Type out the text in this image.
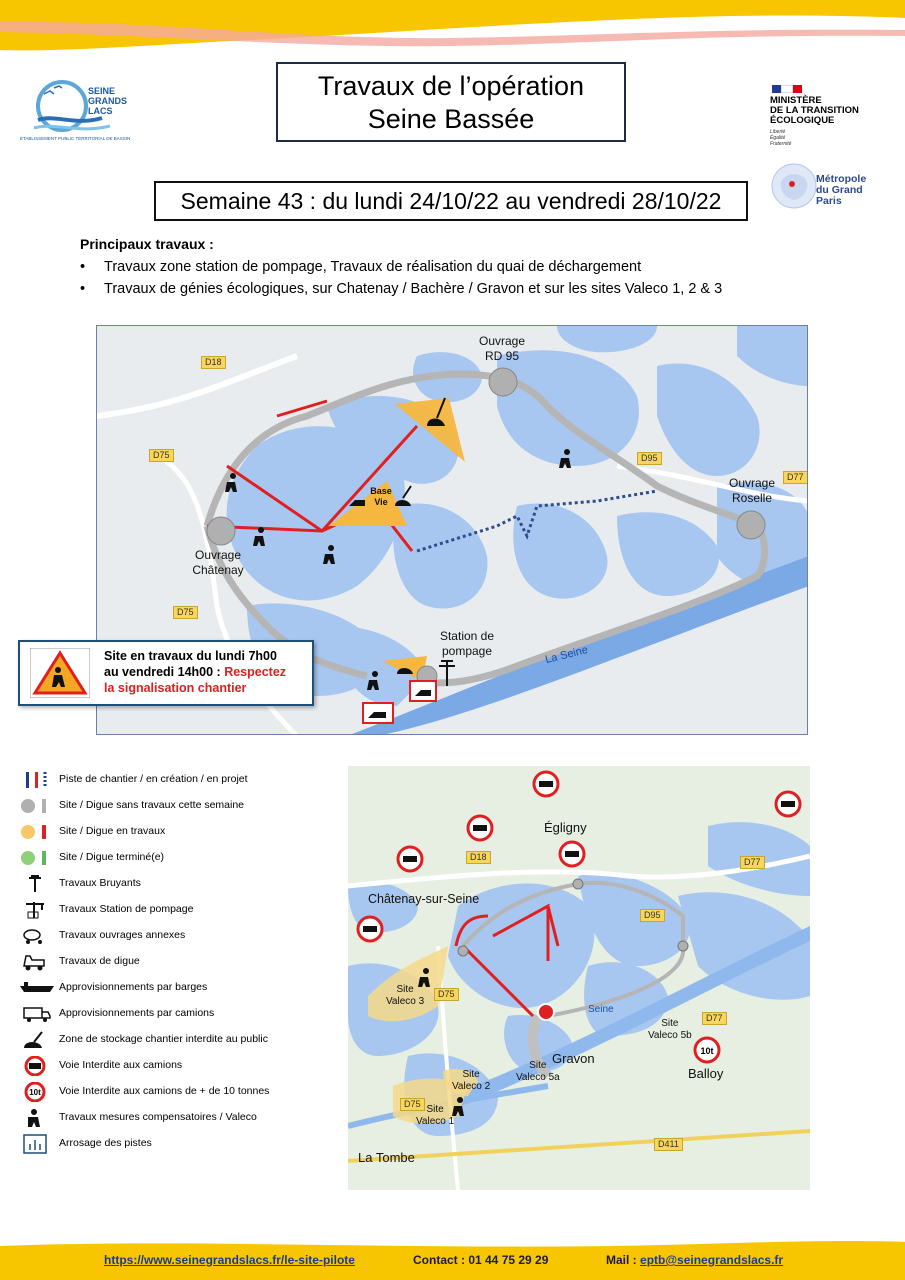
SEINE
GRANDS
LACS
ÉTABLISSEMENT PUBLIC TERRITORIAL DE BASSIN
Travaux de l’opération
Seine Bassée
MINISTÈRE
DE LA TRANSITION
ÉCOLOGIQUE
Liberté
Égalité
Fraternité
Métropole
du Grand Paris
Semaine 43 : du lundi 24/10/22 au vendredi 28/10/22
Principaux travaux :
• Travaux zone station de pompage, Travaux de réalisation du quai de déchargement
• Travaux de génies écologiques, sur Chatenay / Bachère / Gravon et sur les sites Valeco 1, 2 & 3
D18
D75
D75
D95
D77
Ouvrage
RD 95
Ouvrage
Roselle
Ouvrage
Châtenay
Station de
pompage
Base
Vie
La Seine
Site en travaux du lundi 7h00
au vendredi 14h00 : Respectez
la signalisation chantier
Piste de chantier / en création / en projet
Site / Digue sans travaux cette semaine
Site / Digue en travaux
Site / Digue terminé(e)
Travaux Bruyants
Travaux Station de pompage
Travaux ouvrages annexes
Travaux de digue
Approvisionnements par barges
Approvisionnements par camions
Zone de stockage chantier interdite au public
Voie Interdite aux camions
10t Voie Interdite aux camions de + de 10 tonnes
Travaux mesures compensatoires / Valeco
Arrosage des pistes
10t
Égligny
Châtenay-sur-Seine
Seine
Gravon
Balloy
La Tombe
D18	D77
D95
D75
D77
D75
D411
Site
Valeco 3
Site
Valeco 2
Site
Valeco 1
Site
Valeco 5a
Site
Valeco 5b
https://www.seinegrandslacs.fr/le-site-pilote	Contact : 01 44 75 29 29	Mail : eptb@seinegrandslacs.fr
